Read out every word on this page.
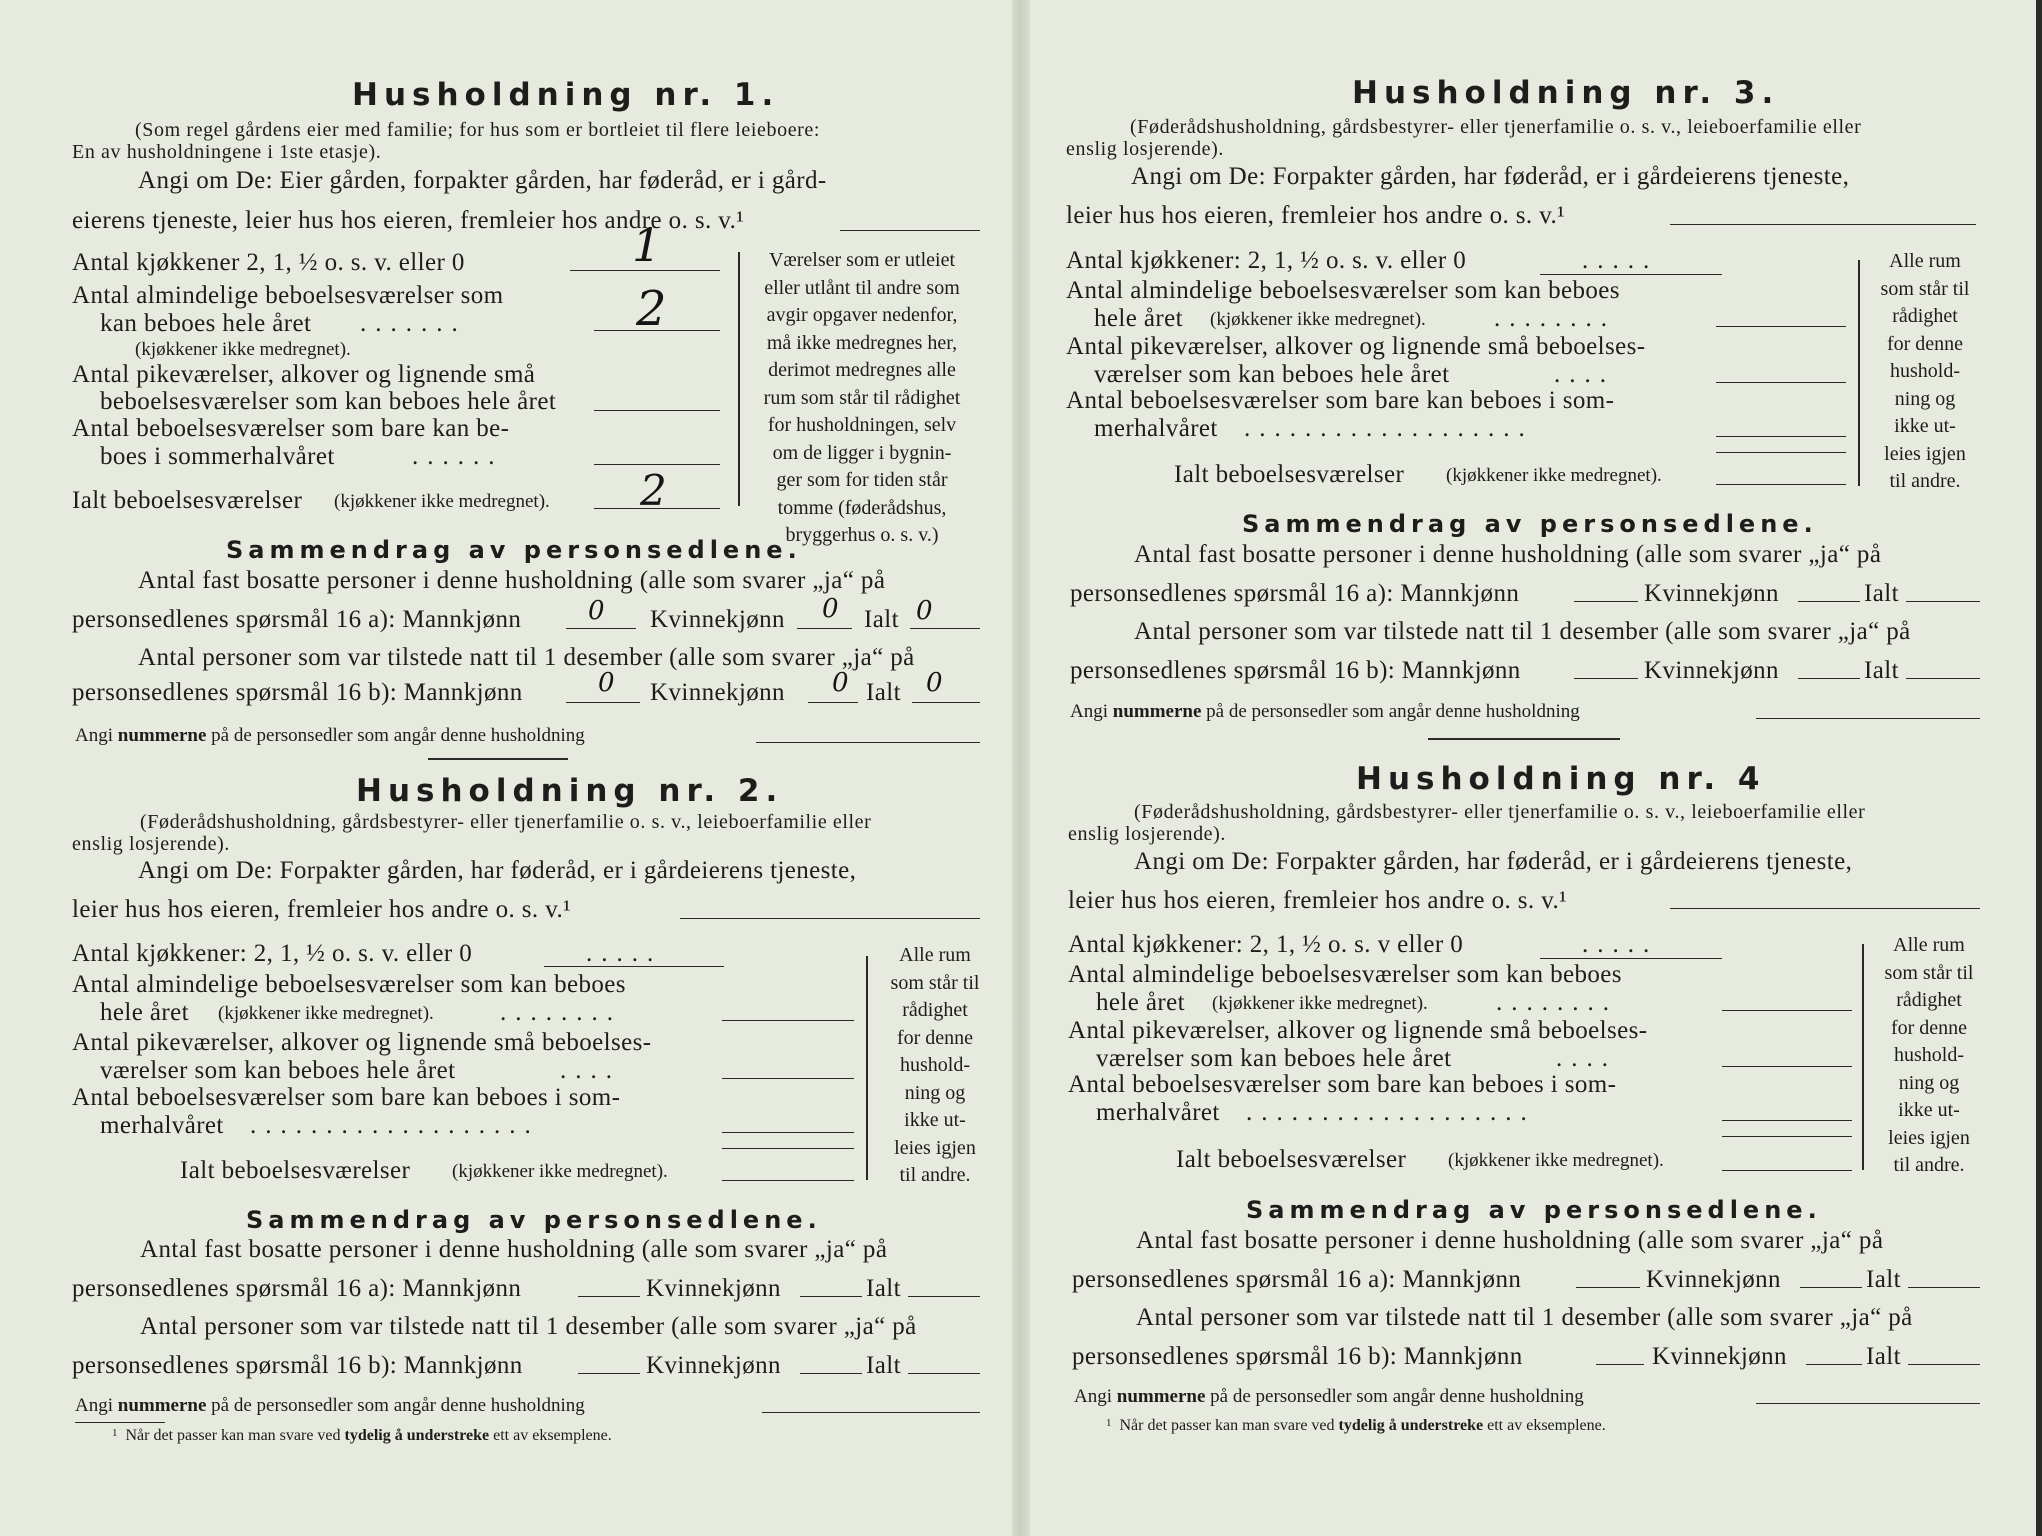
Husholdning nr. 1.
(Som regel gårdens eier med familie; for hus som er bortleiet til flere leieboere:
En av husholdningene i 1ste etasje).
Angi om De: Eier gården, forpakter gården, har føderåd, er i gård-
eierens tjeneste, leier hus hos eieren, fremleier hos andre o. s. v.¹
Antal kjøkkener 2, 1, ½ o. s. v. eller 0	1
Antal almindelige beboelsesværelser som
kan beboes hele året .......
(kjøkkener ikke medregnet).
2
Antal pikeværelser, alkover og lignende små
beboelsesværelser som kan beboes hele året
Antal beboelsesværelser som bare kan be-
boes i sommerhalvåret	......
Ialt beboelsesværelser (kjøkkener ikke medregnet). 2
Værelser som er utleiet
eller utlånt til andre som
avgir opgaver nedenfor,
må ikke medregnes her,
derimot medregnes alle
rum som står til rådighet
for husholdningen, selv
om de ligger i bygnin-
ger som for tiden står
tomme (føderådshus,
bryggerhus o. s. v.)
Sammendrag av personsedlene.
Antal fast bosatte personer i denne husholdning (alle som svarer „ja“ på
personsedlenes spørsmål 16 a): Mannkjønn	0 Kvinnekjønn 0 Ialt 0
Antal personer som var tilstede natt til 1 desember (alle som svarer „ja“ på
personsedlenes spørsmål 16 b): Mannkjønn	0 Kvinnekjønn 0 Ialt 0
Angi nummerne på de personsedler som angår denne husholdning
Husholdning nr. 2.
(Føderådshusholdning, gårdsbestyrer- eller tjenerfamilie o. s. v., leieboerfamilie eller
enslig losjerende).
Angi om De: Forpakter gården, har føderåd, er i gårdeierens tjeneste,
leier hus hos eieren, fremleier hos andre o. s. v.¹
Antal kjøkkener: 2, 1, ½ o. s. v. eller 0	.....
Antal almindelige beboelsesværelser som kan beboes
hele året (kjøkkener ikke medregnet).	........
Antal pikeværelser, alkover og lignende små beboelses-
værelser som kan beboes hele året	....
Antal beboelsesværelser som bare kan beboes i som-
merhalvåret ...................
Ialt beboelsesværelser (kjøkkener ikke medregnet).
Alle rum
som står til
rådighet
for denne
hushold-
ning og
ikke ut-
leies igjen
til andre.
Sammendrag av personsedlene.
Antal fast bosatte personer i denne husholdning (alle som svarer „ja“ på
personsedlenes spørsmål 16 a): Mannkjønn	Kvinnekjønn	Ialt
Antal personer som var tilstede natt til 1 desember (alle som svarer „ja“ på
personsedlenes spørsmål 16 b): Mannkjønn	Kvinnekjønn	Ialt
Angi nummerne på de personsedler som angår denne husholdning
$^1$ Når det passer kan man svare ved tydelig å understreke ett av eksemplene.
Husholdning nr. 3.
(Føderådshusholdning, gårdsbestyrer- eller tjenerfamilie o. s. v., leieboerfamilie eller
enslig losjerende).
Angi om De: Forpakter gården, har føderåd, er i gårdeierens tjeneste,
leier hus hos eieren, fremleier hos andre o. s. v.¹
Antal kjøkkener: 2, 1, ½ o. s. v. eller 0	.....
Antal almindelige beboelsesværelser som kan beboes
hele året (kjøkkener ikke medregnet).	........
Antal pikeværelser, alkover og lignende små beboelses-
værelser som kan beboes hele året	....
Antal beboelsesværelser som bare kan beboes i som-
merhalvåret ...................
Ialt beboelsesværelser (kjøkkener ikke medregnet).
Alle rum
som står til
rådighet
for denne
hushold-
ning og
ikke ut-
leies igjen
til andre.
Sammendrag av personsedlene.
Antal fast bosatte personer i denne husholdning (alle som svarer „ja“ på
personsedlenes spørsmål 16 a): Mannkjønn	Kvinnekjønn	Ialt
Antal personer som var tilstede natt til 1 desember (alle som svarer „ja“ på
personsedlenes spørsmål 16 b): Mannkjønn	Kvinnekjønn	Ialt
Angi nummerne på de personsedler som angår denne husholdning
Husholdning nr. 4
(Føderådshusholdning, gårdsbestyrer- eller tjenerfamilie o. s. v., leieboerfamilie eller
enslig losjerende).
Angi om De: Forpakter gården, har føderåd, er i gårdeierens tjeneste,
leier hus hos eieren, fremleier hos andre o. s. v.¹
Antal kjøkkener: 2, 1, ½ o. s. v eller 0	.....
Antal almindelige beboelsesværelser som kan beboes
hele året (kjøkkener ikke medregnet).	........
Antal pikeværelser, alkover og lignende små beboelses-
værelser som kan beboes hele året	....
Antal beboelsesværelser som bare kan beboes i som-
merhalvåret ...................
Ialt beboelsesværelser (kjøkkener ikke medregnet).
Alle rum
som står til
rådighet
for denne
hushold-
ning og
ikke ut-
leies igjen
til andre.
Sammendrag av personsedlene.
Antal fast bosatte personer i denne husholdning (alle som svarer „ja“ på
personsedlenes spørsmål 16 a): Mannkjønn	Kvinnekjønn	Ialt
Antal personer som var tilstede natt til 1 desember (alle som svarer „ja“ på
personsedlenes spørsmål 16 b): Mannkjønn	Kvinnekjønn	Ialt
Angi nummerne på de personsedler som angår denne husholdning
$^1$ Når det passer kan man svare ved tydelig å understreke ett av eksemplene.
